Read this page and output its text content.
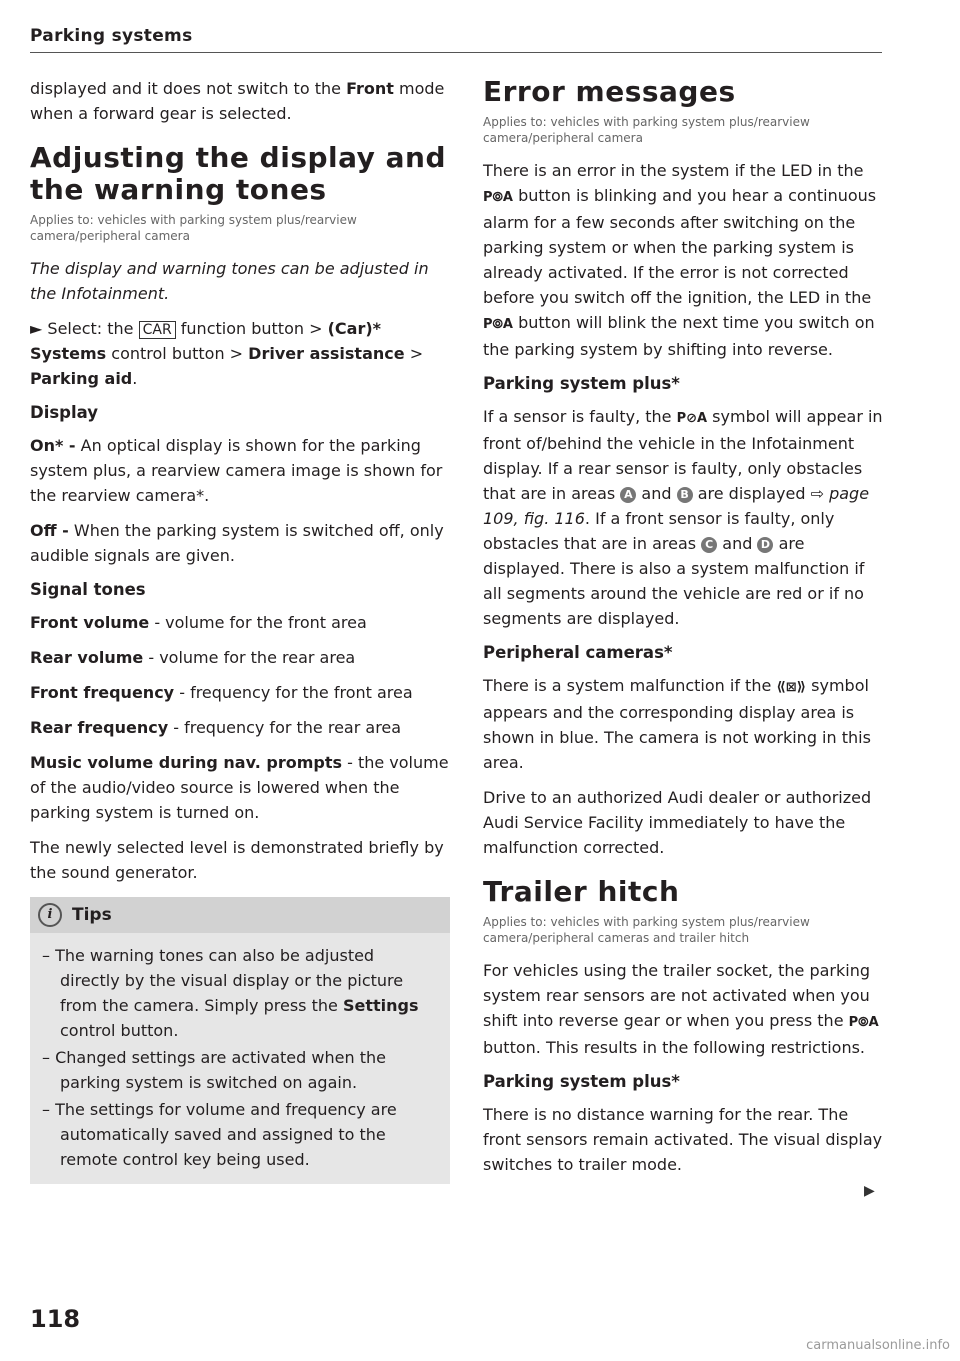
Parking systems

displayed and it does not switch to the Front mode when a forward gear is selected.

Adjusting the display and the warning tones

Applies to: vehicles with parking system plus/rearview camera/peripheral camera

The display and warning tones can be adjusted in the Infotainment.

► Select: the CAR function button > (Car)* Systems control button > Driver assistance > Parking aid.

Display

On* - An optical display is shown for the parking system plus, a rearview camera image is shown for the rearview camera*.

Off - When the parking system is switched off, only audible signals are given.

Signal tones

Front volume - volume for the front area

Rear volume - volume for the rear area

Front frequency - frequency for the front area

Rear frequency - frequency for the rear area

Music volume during nav. prompts - the volume of the audio/video source is lowered when the parking system is turned on.

The newly selected level is demonstrated briefly by the sound generator.

i	Tips
– The warning tones can also be adjusted directly by the visual display or the picture from the camera. Simply press the Settings control button.
– Changed settings are activated when the parking system is switched on again.
– The settings for volume and frequency are automatically saved and assigned to the remote control key being used.
Error messages

Applies to: vehicles with parking system plus/rearview camera/peripheral camera

There is an error in the system if the LED in the P⦾A button is blinking and you hear a continuous alarm for a few seconds after switching on the parking system or when the parking system is already activated. If the error is not corrected before you switch off the ignition, the LED in the P⦾A button will blink the next time you switch on the parking system by shifting into reverse.

Parking system plus*

If a sensor is faulty, the P⊘A symbol will appear in front of/behind the vehicle in the Infotainment display. If a rear sensor is faulty, only obstacles that are in areas A and B are displayed ⇨ page 109, fig. 116. If a front sensor is faulty, only obstacles that are in areas C and D are displayed. There is also a system malfunction if all segments around the vehicle are red or if no segments are displayed.

Peripheral cameras*

There is a system malfunction if the ⟪⊠⟫ symbol appears and the corresponding display area is shown in blue. The camera is not working in this area.

Drive to an authorized Audi dealer or authorized Audi Service Facility immediately to have the malfunction corrected.

Trailer hitch

Applies to: vehicles with parking system plus/rearview camera/peripheral cameras and trailer hitch

For vehicles using the trailer socket, the parking system rear sensors are not activated when you shift into reverse gear or when you press the P⦾A button. This results in the following restrictions.

Parking system plus*

There is no distance warning for the rear. The front sensors remain activated. The visual display switches to trailer mode.

▶
118
carmanualsonline.info
